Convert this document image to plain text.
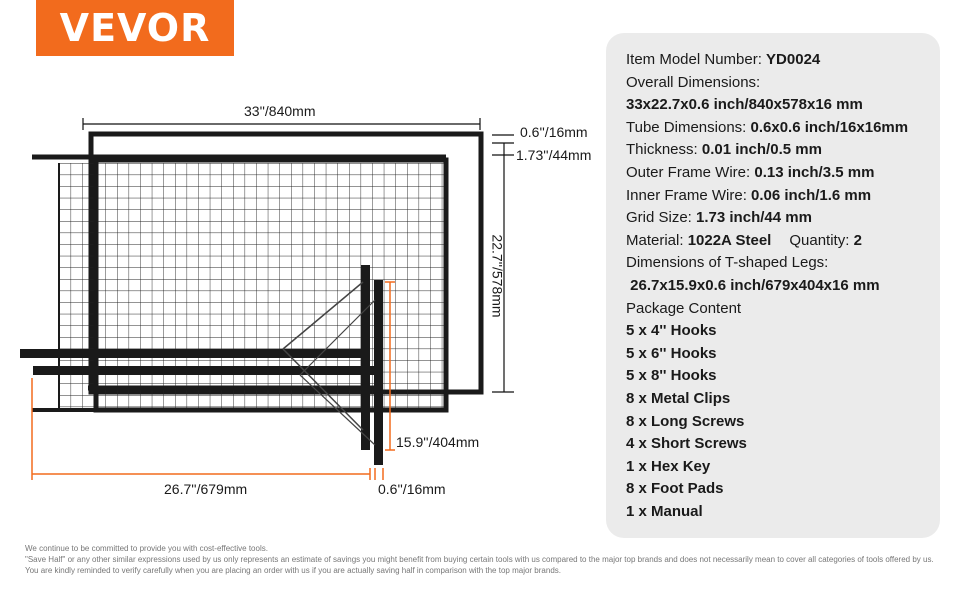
VEVOR
33''/840mm
0.6''/16mm
1.73''/44mm
22.7''/578mm
15.9''/404mm
26.7''/679mm	0.6''/16mm
Item Model Number: YD0024
Overall Dimensions:
33x22.7x0.6 inch/840x578x16 mm
Tube Dimensions: 0.6x0.6 inch/16x16mm
Thickness: 0.01 inch/0.5 mm
Outer Frame Wire: 0.13 inch/3.5 mm
Inner Frame Wire: 0.06 inch/1.6 mm
Grid Size: 1.73 inch/44 mm
Material: 1022A Steel Quantity: 2
Dimensions of T-shaped Legs:
26.7x15.9x0.6 inch/679x404x16 mm
Package Content
5 x 4'' Hooks
5 x 6'' Hooks
5 x 8'' Hooks
8 x Metal Clips
8 x Long Screws
4 x Short Screws
1 x Hex Key
8 x Foot Pads
1 x Manual

We continue to be committed to provide you with cost-effective tools.

"Save Half" or any other similar expressions used by us only represents an estimate of savings you might benefit from buying certain tools with us compared to the major top brands and does not necessarily mean to cover all categories of tools offered by us.

You are kindly reminded to verify carefully when you are placing an order with us if you are actually saving half in comparison with the top major brands.
